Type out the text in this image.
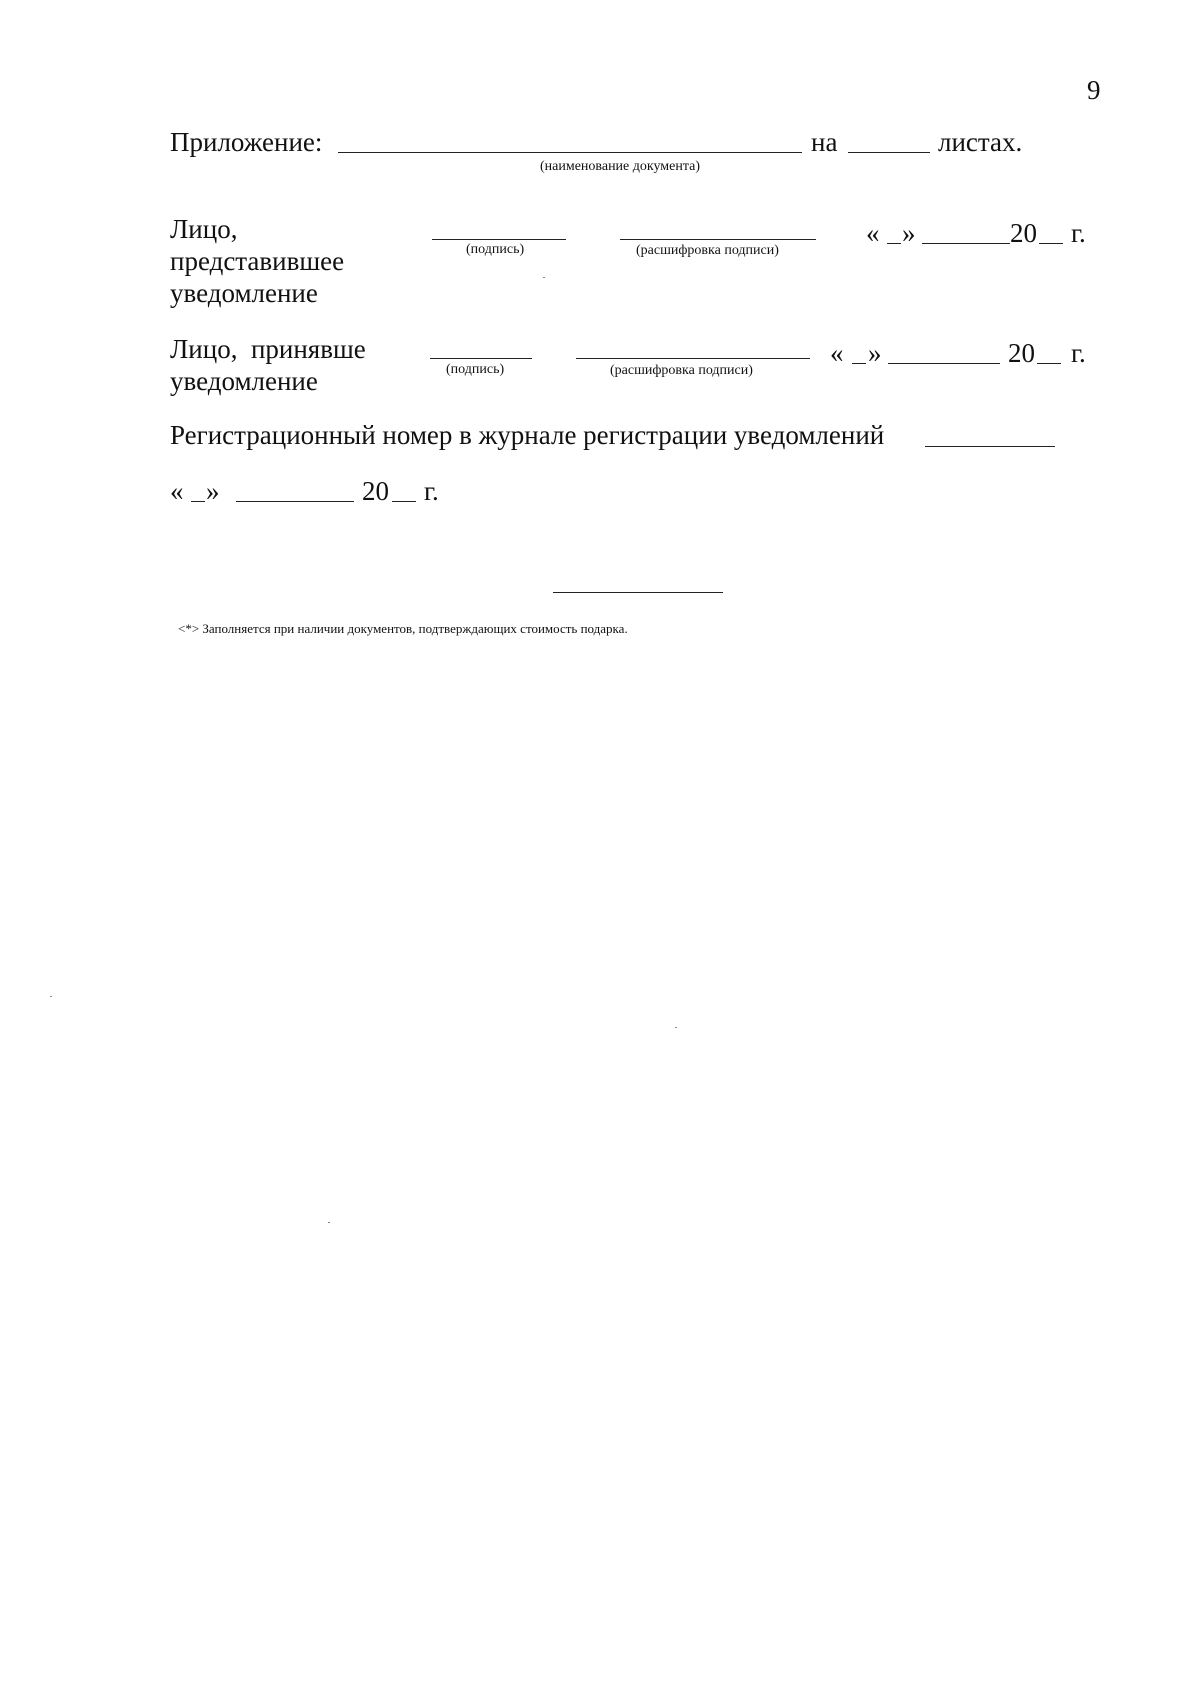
9
Приложение:	на	листах.
(наименование документа)
Лицо,
представившее
уведомление
(подпись)	(расшифровка подписи)
« »	20 г.
Лицо,  принявше
уведомление	(подпись)	(расшифровка подписи)
« »	20 г.
Регистрационный номер в журнале регистрации уведомлений
« »	20 г.
<*> Заполняется при наличии документов, подтверждающих стоимость подарка.
